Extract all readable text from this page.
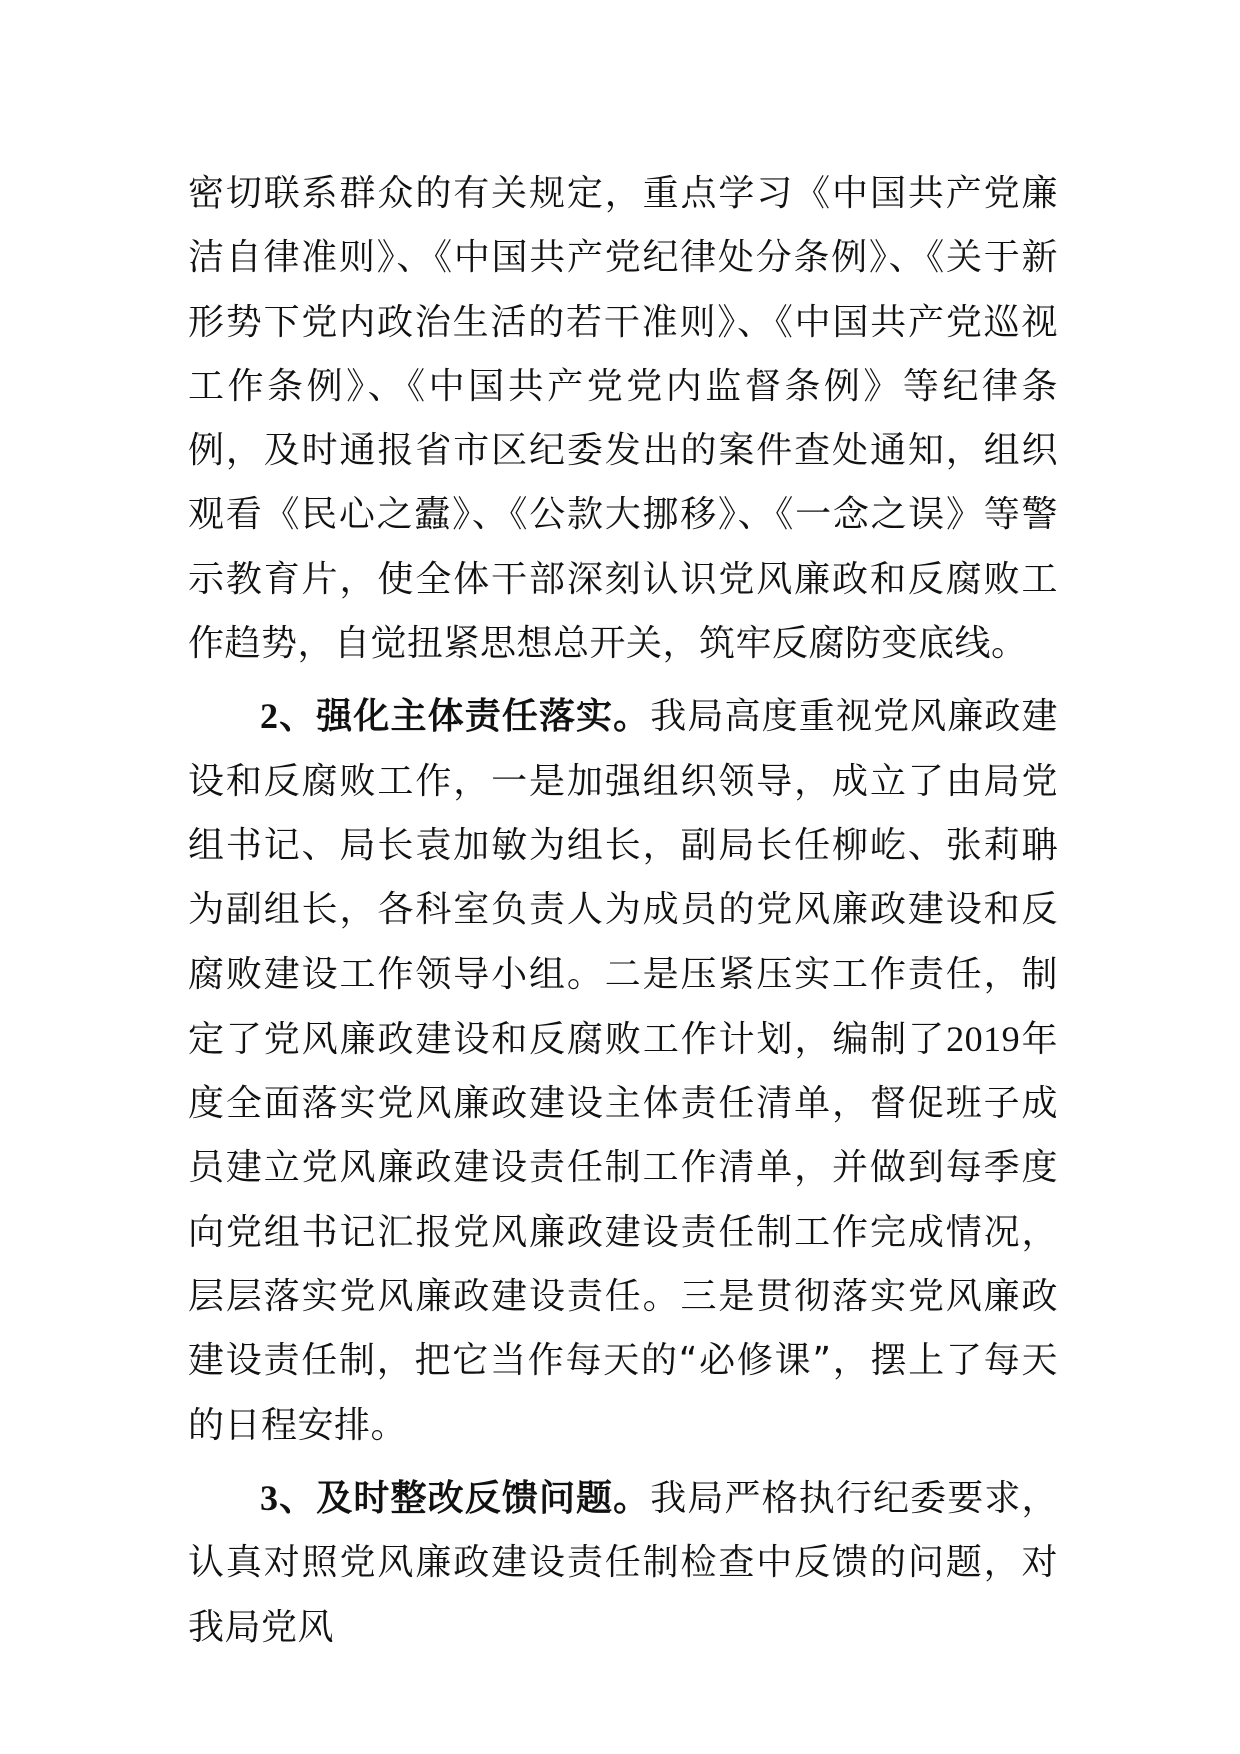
密切联系群众的有关规定，重点学习《中国共产党廉洁自律准则》、《中国共产党纪律处分条例》、《关于新形势下党内政治生活的若干准则》、《中国共产党巡视工作条例》、《中国共产党党内监督条例》等纪律条例，及时通报省市区纪委发出的案件查处通知，组织观看《民心之蠹》、《公款大挪移》、《一念之误》等警示教育片，使全体干部深刻认识党风廉政和反腐败工作趋势，自觉扭紧思想总开关，筑牢反腐防变底线。

2、强化主体责任落实。我局高度重视党风廉政建设和反腐败工作，一是加强组织领导，成立了由局党组书记、局长袁加敏为组长，副局长任柳屹、张莉聃为副组长，各科室负责人为成员的党风廉政建设和反腐败建设工作领导小组。二是压紧压实工作责任，制定了党风廉政建设和反腐败工作计划，编制了2019年度全面落实党风廉政建设主体责任清单，督促班子成员建立党风廉政建设责任制工作清单，并做到每季度向党组书记汇报党风廉政建设责任制工作完成情况，层层落实党风廉政建设责任。三是贯彻落实党风廉政建设责任制，把它当作每天的“必修课”，摆上了每天的日程安排。

3、及时整改反馈问题。我局严格执行纪委要求，认真对照党风廉政建设责任制检查中反馈的问题，对我局党风
